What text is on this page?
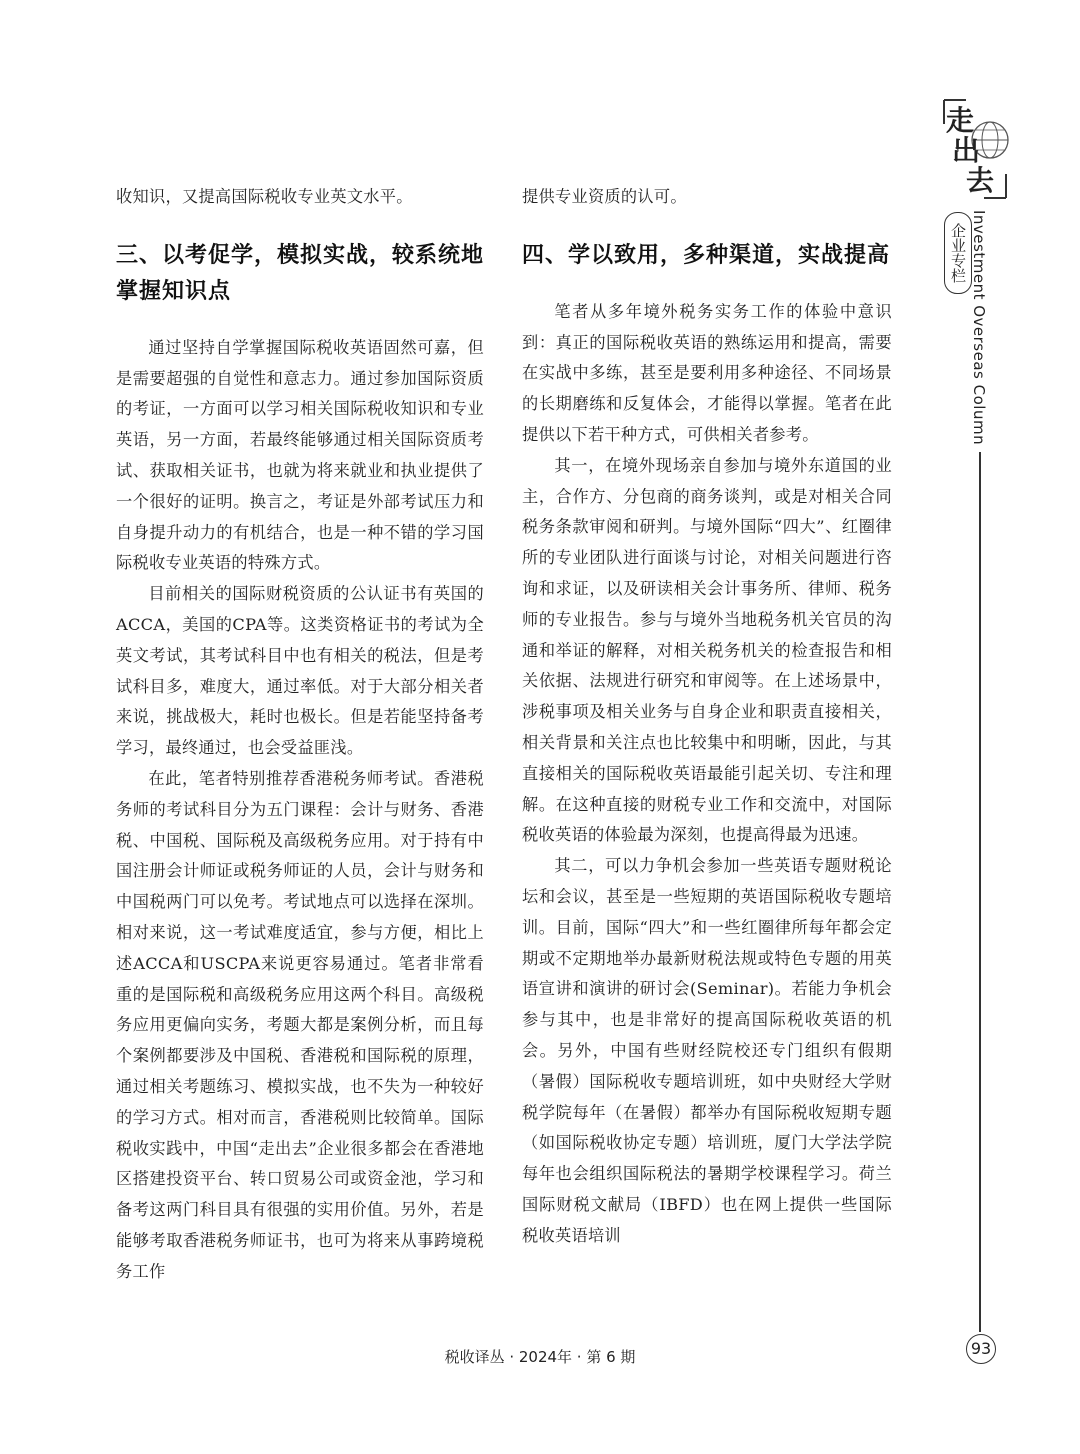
收知识，又提高国际税收专业英文水平。

三、以考促学，模拟实战，较系统地掌握知识点

通过坚持自学掌握国际税收英语固然可嘉，但是需要超强的自觉性和意志力。通过参加国际资质的考证，一方面可以学习相关国际税收知识和专业英语，另一方面，若最终能够通过相关国际资质考试、获取相关证书，也就为将来就业和执业提供了一个很好的证明。换言之，考证是外部考试压力和自身提升动力的有机结合，也是一种不错的学习国际税收专业英语的特殊方式。

目前相关的国际财税资质的公认证书有英国的ACCA，美国的CPA等。这类资格证书的考试为全英文考试，其考试科目中也有相关的税法，但是考试科目多，难度大，通过率低。对于大部分相关者来说，挑战极大，耗时也极长。但是若能坚持备考学习，最终通过，也会受益匪浅。

在此，笔者特别推荐香港税务师考试。香港税务师的考试科目分为五门课程：会计与财务、香港税、中国税、国际税及高级税务应用。对于持有中国注册会计师证或税务师证的人员，会计与财务和中国税两门可以免考。考试地点可以选择在深圳。相对来说，这一考试难度适宜，参与方便，相比上述ACCA和USCPA来说更容易通过。笔者非常看重的是国际税和高级税务应用这两个科目。高级税务应用更偏向实务，考题大都是案例分析，而且每个案例都要涉及中国税、香港税和国际税的原理，通过相关考题练习、模拟实战，也不失为一种较好的学习方式。相对而言，香港税则比较简单。国际税收实践中，中国“走出去”企业很多都会在香港地区搭建投资平台、转口贸易公司或资金池，学习和备考这两门科目具有很强的实用价值。另外，若是能够考取香港税务师证书，也可为将来从事跨境税务工作

提供专业资质的认可。

四、学以致用，多种渠道，实战提高

笔者从多年境外税务实务工作的体验中意识到：真正的国际税收英语的熟练运用和提高，需要在实战中多练，甚至是要利用多种途径、不同场景的长期磨练和反复体会，才能得以掌握。笔者在此提供以下若干种方式，可供相关者参考。

其一，在境外现场亲自参加与境外东道国的业主，合作方、分包商的商务谈判，或是对相关合同税务条款审阅和研判。与境外国际“四大”、红圈律所的专业团队进行面谈与讨论，对相关问题进行咨询和求证，以及研读相关会计事务所、律师、税务师的专业报告。参与与境外当地税务机关官员的沟通和举证的解释，对相关税务机关的检查报告和相关依据、法规进行研究和审阅等。在上述场景中，涉税事项及相关业务与自身企业和职责直接相关，相关背景和关注点也比较集中和明晰，因此，与其直接相关的国际税收英语最能引起关切、专注和理解。在这种直接的财税专业工作和交流中，对国际税收英语的体验最为深刻，也提高得最为迅速。

其二，可以力争机会参加一些英语专题财税论坛和会议，甚至是一些短期的英语国际税收专题培训。目前，国际“四大”和一些红圈律所每年都会定期或不定期地举办最新财税法规或特色专题的用英语宣讲和演讲的研讨会(Seminar)。若能力争机会参与其中，也是非常好的提高国际税收英语的机会。另外，中国有些财经院校还专门组织有假期（暑假）国际税收专题培训班，如中央财经大学财税学院每年（在暑假）都举办有国际税收短期专题（如国际税收协定专题）培训班，厦门大学法学院每年也会组织国际税法的暑期学校课程学习。荷兰国际财税文献局（IBFD）也在网上提供一些国际税收英语培训

走
出
去
企业专栏 Investment Overseas Column
税收译丛 · 2024年 · 第 6 期	93
